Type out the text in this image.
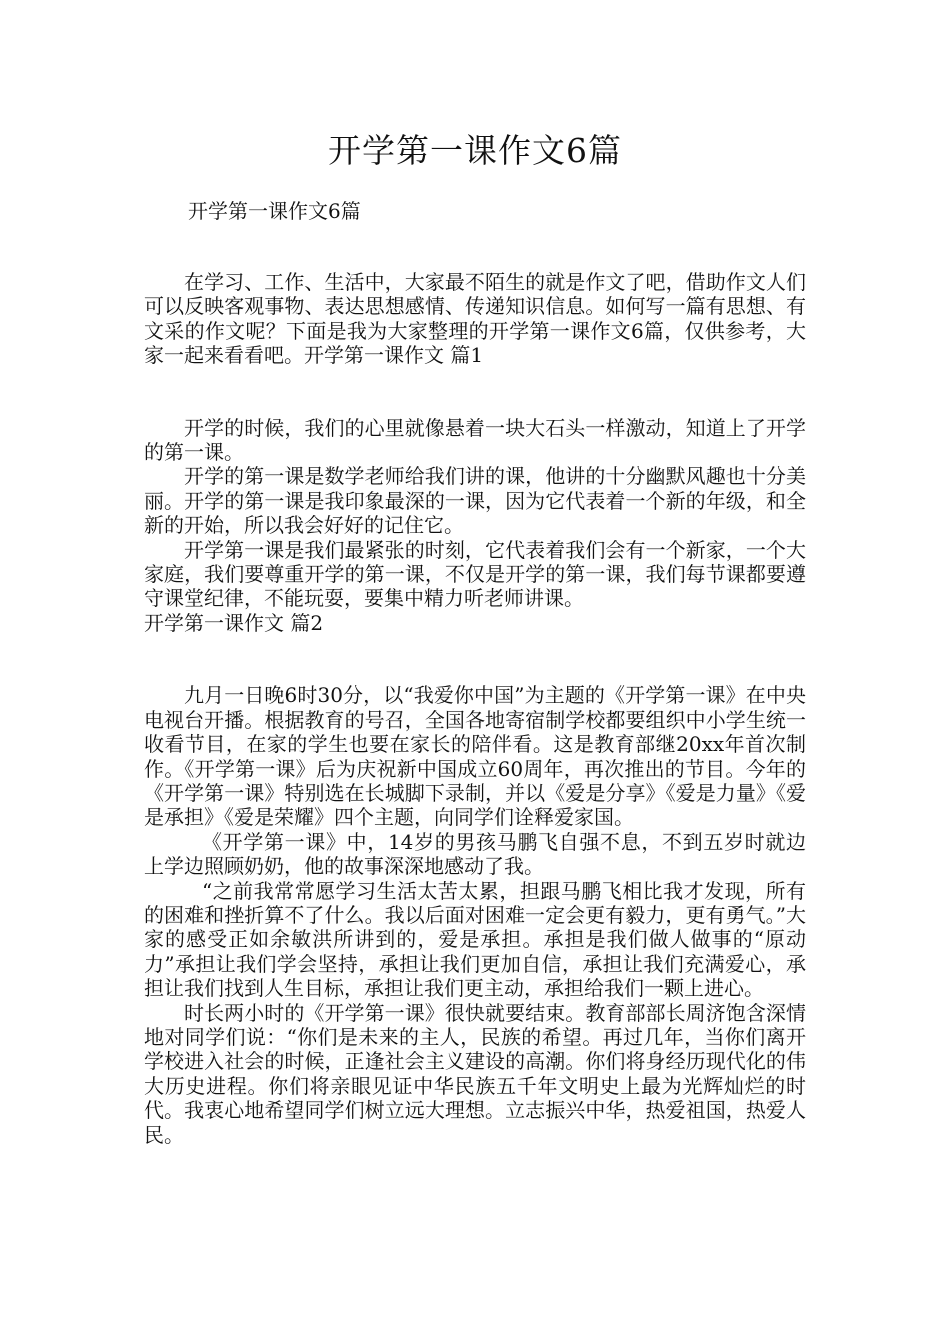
开学第一课作文6篇

开学第一课作文6篇

在学习、工作、生活中，大家最不陌生的就是作文了吧，借助作文人们可以反映客观事物、表达思想感情、传递知识信息。如何写一篇有思想、有文采的作文呢？下面是我为大家整理的开学第一课作文6篇，仅供参考，大家一起来看看吧。开学第一课作文 篇1

开学的时候，我们的心里就像悬着一块大石头一样激动，知道上了开学的第一课。

开学的第一课是数学老师给我们讲的课，他讲的十分幽默风趣也十分美丽。开学的第一课是我印象最深的一课，因为它代表着一个新的年级，和全新的开始，所以我会好好的记住它。

开学第一课是我们最紧张的时刻，它代表着我们会有一个新家，一个大家庭，我们要尊重开学的第一课，不仅是开学的第一课，我们每节课都要遵守课堂纪律，不能玩耍，要集中精力听老师讲课。

开学第一课作文 篇2

九月一日晚6时30分，以“我爱你中国”为主题的《开学第一课》在中央电视台开播。根据教育的号召，全国各地寄宿制学校都要组织中小学生统一收看节目，在家的学生也要在家长的陪伴看。这是教育部继20xx年首次制作。《开学第一课》后为庆祝新中国成立60周年，再次推出的节目。今年的《开学第一课》特别选在长城脚下录制，并以《爱是分享》《爱是力量》《爱是承担》《爱是荣耀》四个主题，向同学们诠释爱家国。

《开学第一课》中，14岁的男孩马鹏飞自强不息，不到五岁时就边上学边照顾奶奶，他的故事深深地感动了我。

“之前我常常愿学习生活太苦太累，担跟马鹏飞相比我才发现，所有的困难和挫折算不了什么。我以后面对困难一定会更有毅力，更有勇气。”大家的感受正如余敏洪所讲到的，爱是承担。承担是我们做人做事的“原动力”承担让我们学会坚持，承担让我们更加自信，承担让我们充满爱心，承担让我们找到人生目标，承担让我们更主动，承担给我们一颗上进心。

时长两小时的《开学第一课》很快就要结束。教育部部长周济饱含深情地对同学们说：“你们是未来的主人，民族的希望。再过几年，当你们离开学校进入社会的时候，正逢社会主义建设的高潮。你们将身经历现代化的伟大历史进程。你们将亲眼见证中华民族五千年文明史上最为光辉灿烂的时代。我衷心地希望同学们树立远大理想。立志振兴中华，热爱祖国，热爱人民。
